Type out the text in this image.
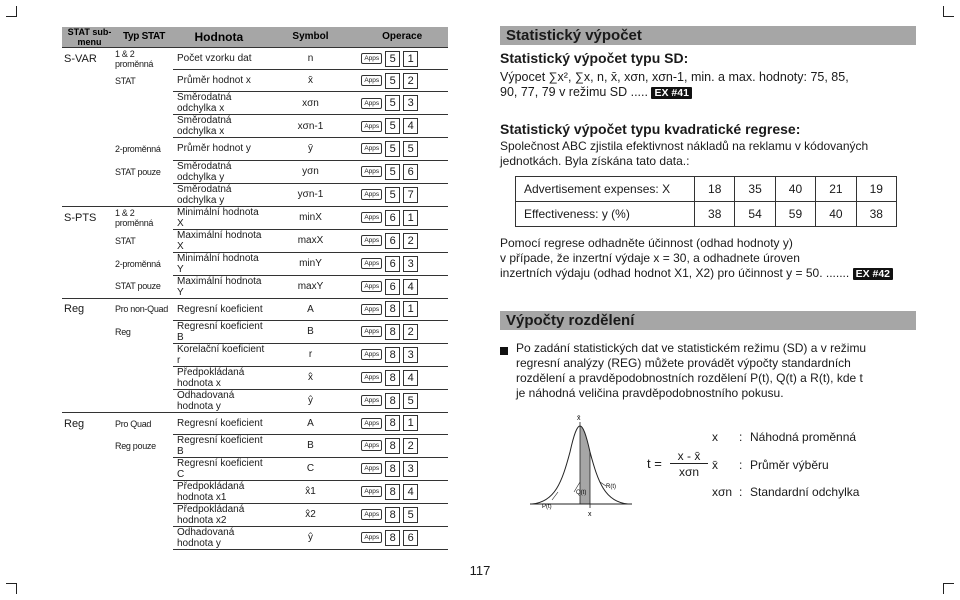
STAT sub-menu	Typ STAT	Hodnota	Symbol	Operace
S-VAR	1 & 2 proměnná	Počet vzorku dat	n	Apps 5 1

	STAT	Průměr hodnot x	x̄	Apps 5 2

		Směrodatná odchylka x	xσn	Apps 5 3

		Směrodatná odchylka x	xσn-1	Apps 5 4

	2-proměnná	Průměr hodnot y	ȳ	Apps 5 5

	STAT pouze	Směrodatná odchylka y	yσn	Apps 5 6

		Směrodatná odchylka y	yσn-1	Apps 5 7

S-PTS	1 & 2 proměnná	Minimální hodnota X	minX	Apps 6 1

	STAT	Maximální hodnota X	maxX	Apps 6 2

	2-proměnná	Minimální hodnota Y	minY	Apps 6 3

	STAT pouze	Maximální hodnota Y	maxY	Apps 6 4

Reg	Pro non-Quad	Regresní koeficient	A	Apps 8 1

	Reg	Regresní koeficient B	B	Apps 8 2

		Korelační koeficient r	r	Apps 8 3

		Předpokládaná hodnota x	x̂	Apps 8 4

		Odhadovaná hodnota y	ŷ	Apps 8 5

Reg	Pro Quad	Regresní koeficient	A	Apps 8 1

	Reg pouze	Regresní koeficient B	B	Apps 8 2

		Regresní koeficient C	C	Apps 8 3

		Předpokládaná hodnota x1	x̂1	Apps 8 4

		Předpokládaná hodnota x2	x̂2	Apps 8 5

		Odhadovaná hodnota y	ŷ	Apps 8 6
Statistický výpočet
Statistický výpočet typu SD:
Výpocet ∑x², ∑x, n, x̄, xσn, xσn-1, min. a max. hodnoty: 75, 85,
90, 77, 79 v režimu SD ..... EX #41
Statistický výpočet typu kvadratické regrese:
Společnost ABC zjistila efektivnost nákladů na reklamu v kódovaných
jednotkách. Byla získána tato data.:
Advertisement expenses: X	18	35	40	21	19
Effectiveness: y (%)	38	54	59	40	38
Pomocí regrese odhadněte účinnost (odhad hodnoty y)
v případe, že inzertní výdaje x = 30, a odhadnete úroven
inzertních výdaju (odhad hodnot X1, X2) pro účinnost y = 50. ....... EX #42
Výpočty rozdělení
Po zadání statistických dat ve statistickém režimu (SD) a v režimu
regresní analýzy (REG) můžete provádět výpočty standardních
rozdělení a pravděpodobnostních rozdělení P(t), Q(t) a R(t), kde t
je náhodná veličina pravděpodobnostního pokusu.
x̄
Q(t)
R(t)
P(t)
x
t =	x - x̄
xσn
x : Náhodná proměnná
x̄ : Průměr výběru
xσn : Standardní odchylka
117
